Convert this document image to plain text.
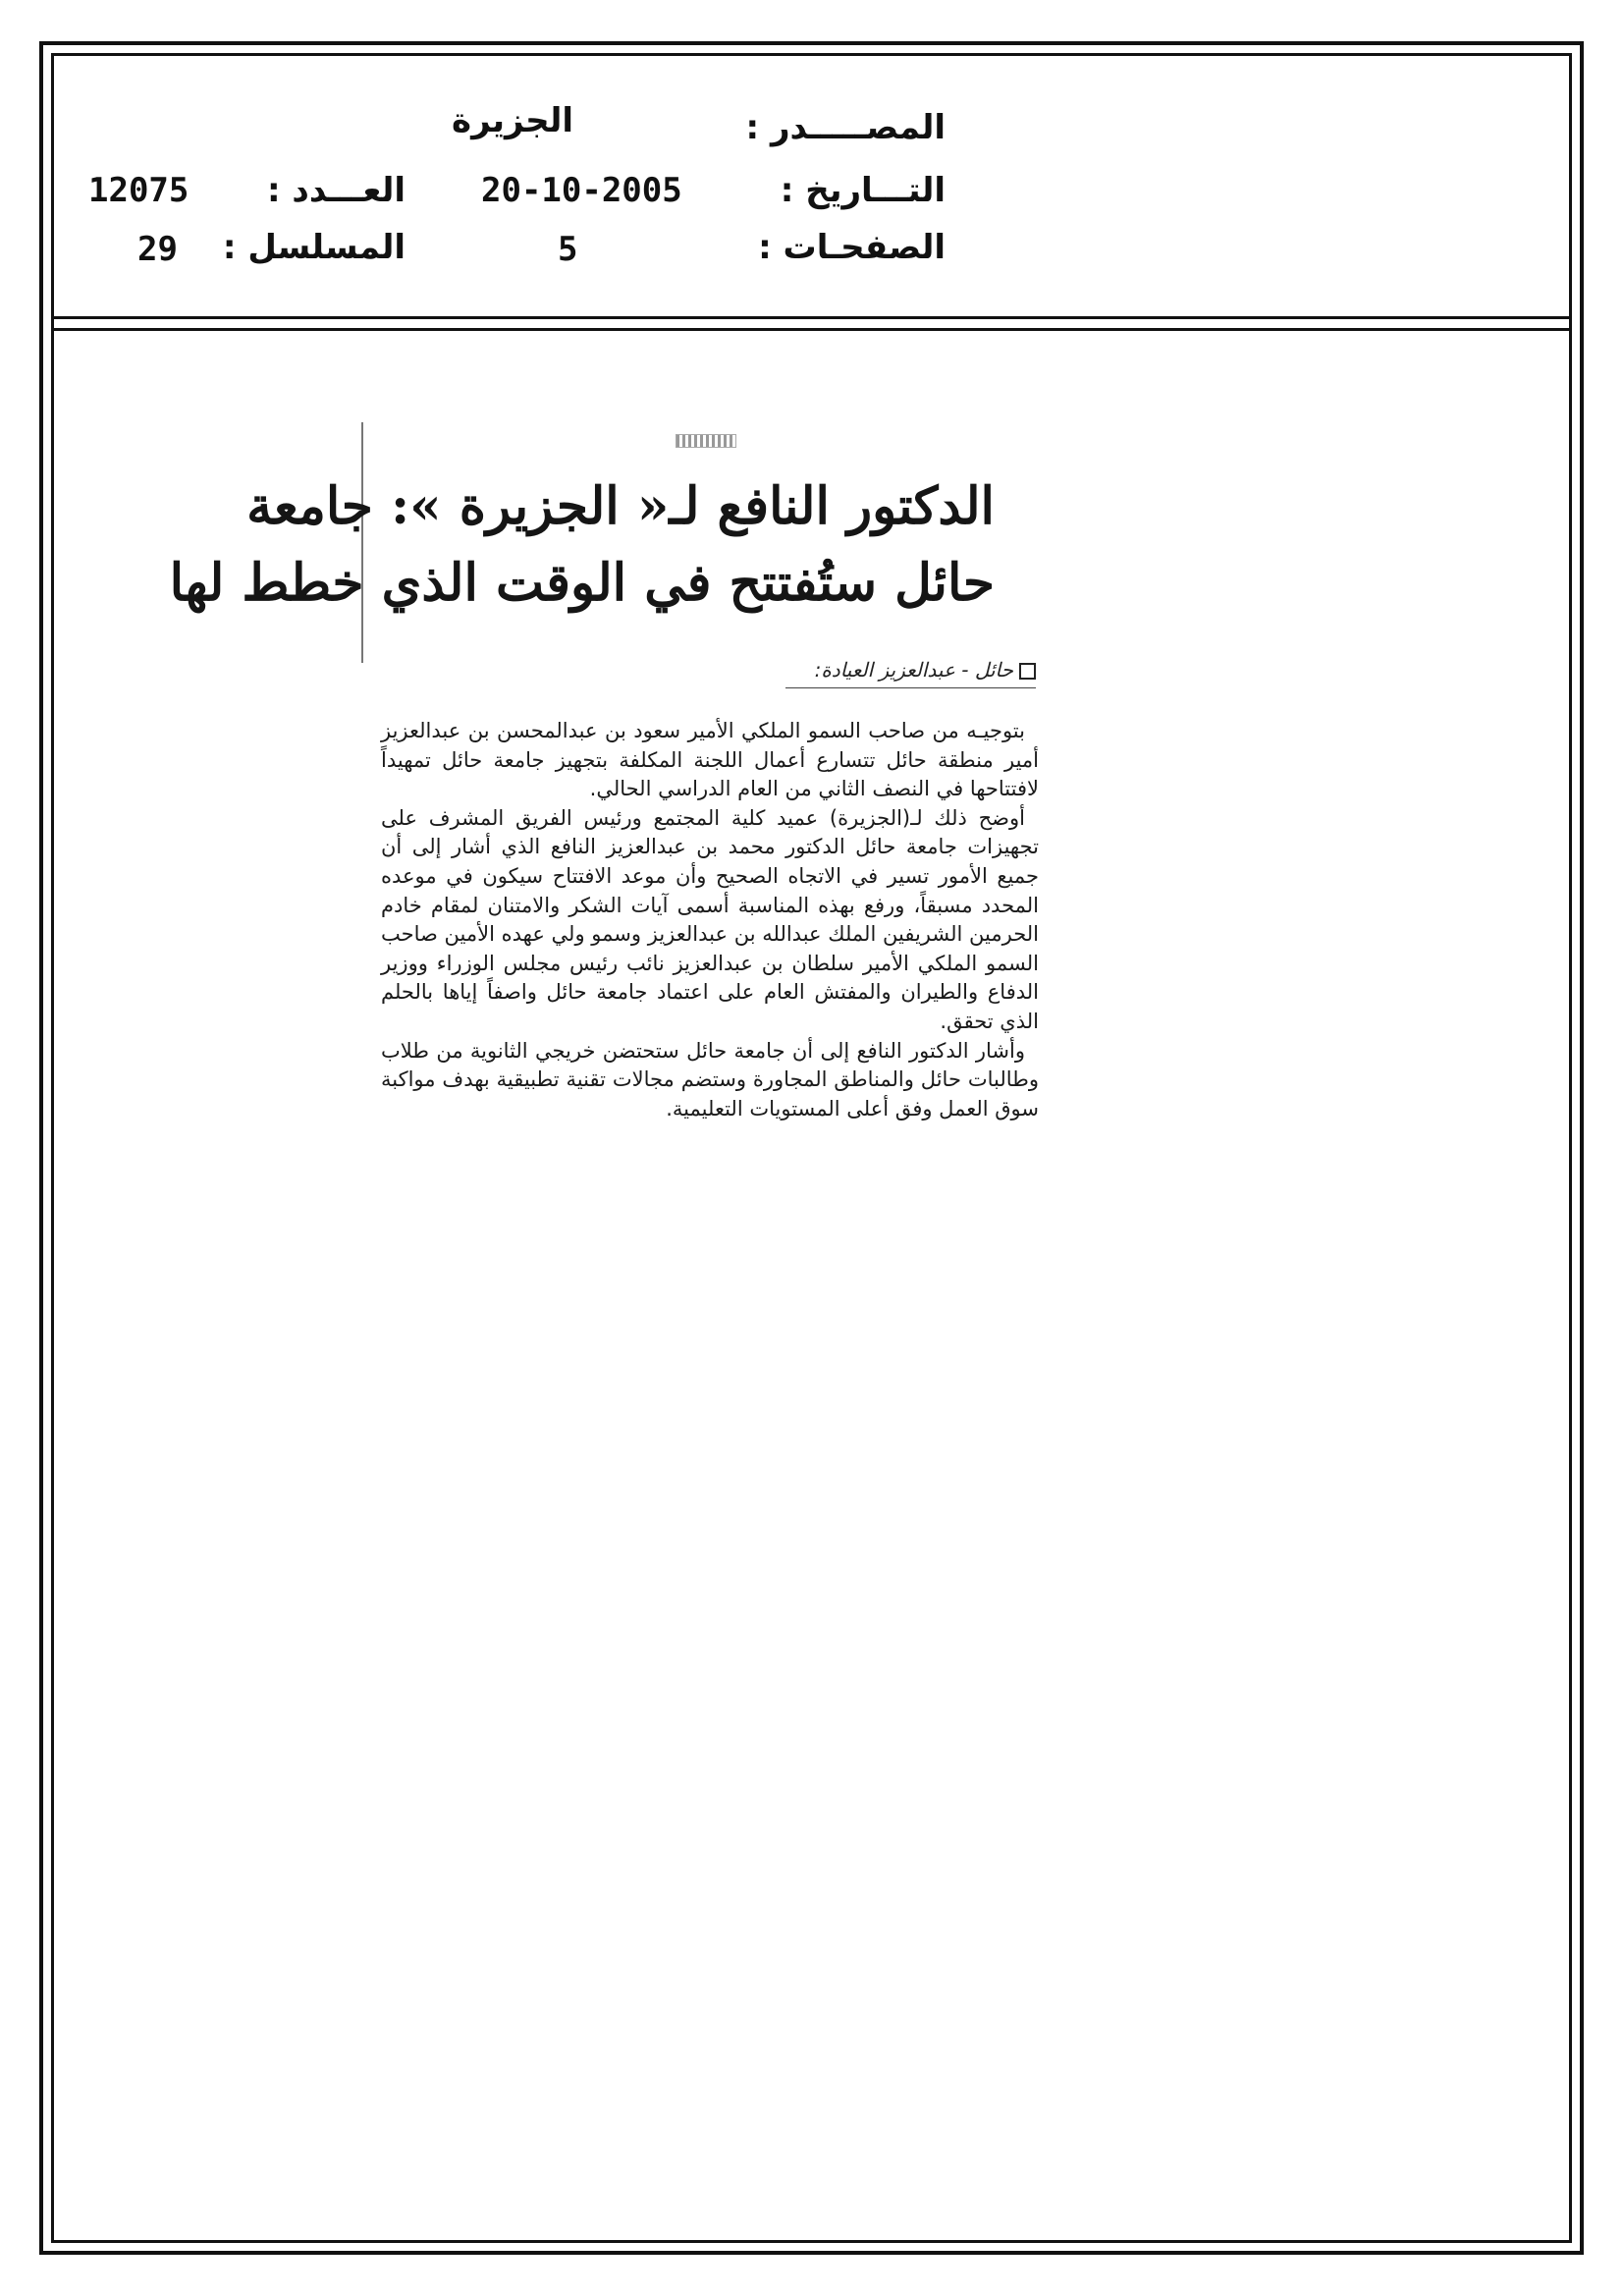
المصـــــدر :
الجزيرة
التـــاريخ :
20-10-2005
العـــدد :
12075
الصفحـات :
5
المسلسل :
29
الدكتور النافع لـ« الجزيرة »: جامعة
حائل ستُفتتح في الوقت الذي خطط لها
حائل - عبدالعزيز العيادة:

بتوجيـه من صاحب السمو الملكي الأمير سعود بن عبدالمحسن بن عبدالعزيز أمير منطقة حائل تتسارع أعمال اللجنة المكلفة بتجهيز جامعة حائل تمهيداً لافتتاحها في النصف الثاني من العام الدراسي الحالي.

أوضح ذلك لـ(الجزيرة) عميد كلية المجتمع ورئيس الفريق المشرف على تجهيزات جامعة حائل الدكتور محمد بن عبدالعزيز النافع الذي أشار إلى أن جميع الأمور تسير في الاتجاه الصحيح وأن موعد الافتتاح سيكون في موعده المحدد مسبقاً، ورفع بهذه المناسبة أسمى آيات الشكر والامتنان لمقام خادم الحرمين الشريفين الملك عبدالله بن عبدالعزيز وسمو ولي عهده الأمين صاحب السمو الملكي الأمير سلطان بن عبدالعزيز نائب رئيس مجلس الوزراء ووزير الدفاع والطيران والمفتش العام على اعتماد جامعة حائل واصفاً إياها بالحلم الذي تحقق.

وأشار الدكتور النافع إلى أن جامعة حائل ستحتضن خريجي الثانوية من طلاب وطالبات حائل والمناطق المجاورة وستضم مجالات تقنية تطبيقية بهدف مواكبة سوق العمل وفق أعلى المستويات التعليمية.
